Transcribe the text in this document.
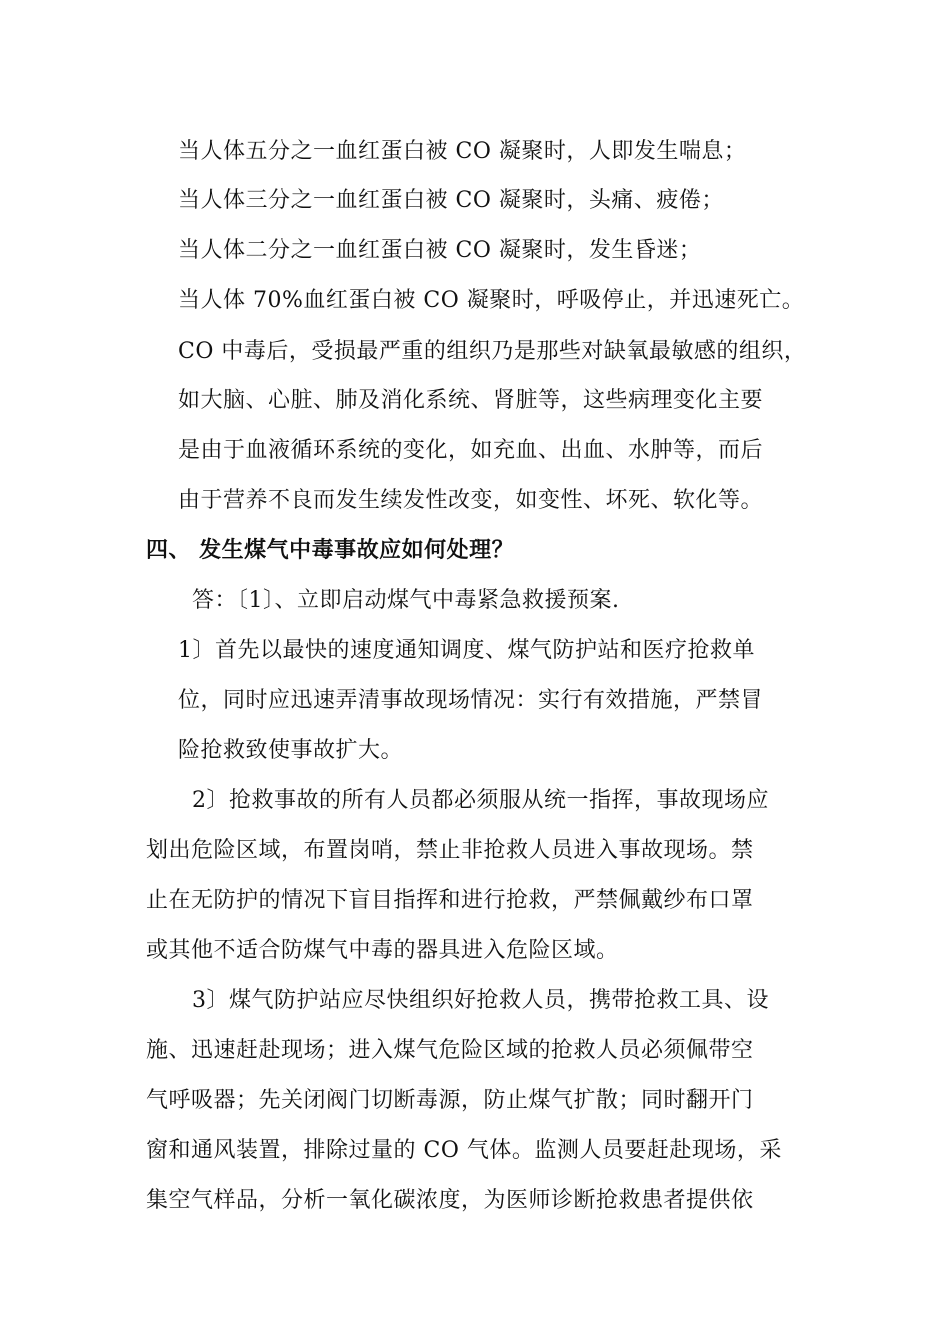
当人体五分之一血红蛋白被 CO 凝聚时，人即发生喘息；
当人体三分之一血红蛋白被 CO 凝聚时，头痛、疲倦；
当人体二分之一血红蛋白被 CO 凝聚时，发生昏迷；
当人体 70%血红蛋白被 CO 凝聚时，呼吸停止，并迅速死亡。
CO 中毒后，受损最严重的组织乃是那些对缺氧最敏感的组织，
如大脑、心脏、肺及消化系统、肾脏等，这些病理变化主要
是由于血液循环系统的变化，如充血、出血、水肿等，而后
由于营养不良而发生续发性改变，如变性、坏死、软化等。
四、 发生煤气中毒事故应如何处理？
答：〔1〕、立即启动煤气中毒紧急救援预案.
1〕首先以最快的速度通知调度、煤气防护站和医疗抢救单
位，同时应迅速弄清事故现场情况：实行有效措施，严禁冒
险抢救致使事故扩大。
2〕抢救事故的所有人员都必须服从统一指挥，事故现场应
划出危险区域，布置岗哨，禁止非抢救人员进入事故现场。禁
止在无防护的情况下盲目指挥和进行抢救，严禁佩戴纱布口罩
或其他不适合防煤气中毒的器具进入危险区域。
3〕煤气防护站应尽快组织好抢救人员，携带抢救工具、设
施、迅速赶赴现场；进入煤气危险区域的抢救人员必须佩带空
气呼吸器；先关闭阀门切断毒源，防止煤气扩散；同时翻开门
窗和通风装置，排除过量的 CO 气体。监测人员要赶赴现场，采
集空气样品，分析一氧化碳浓度，为医师诊断抢救患者提供依
